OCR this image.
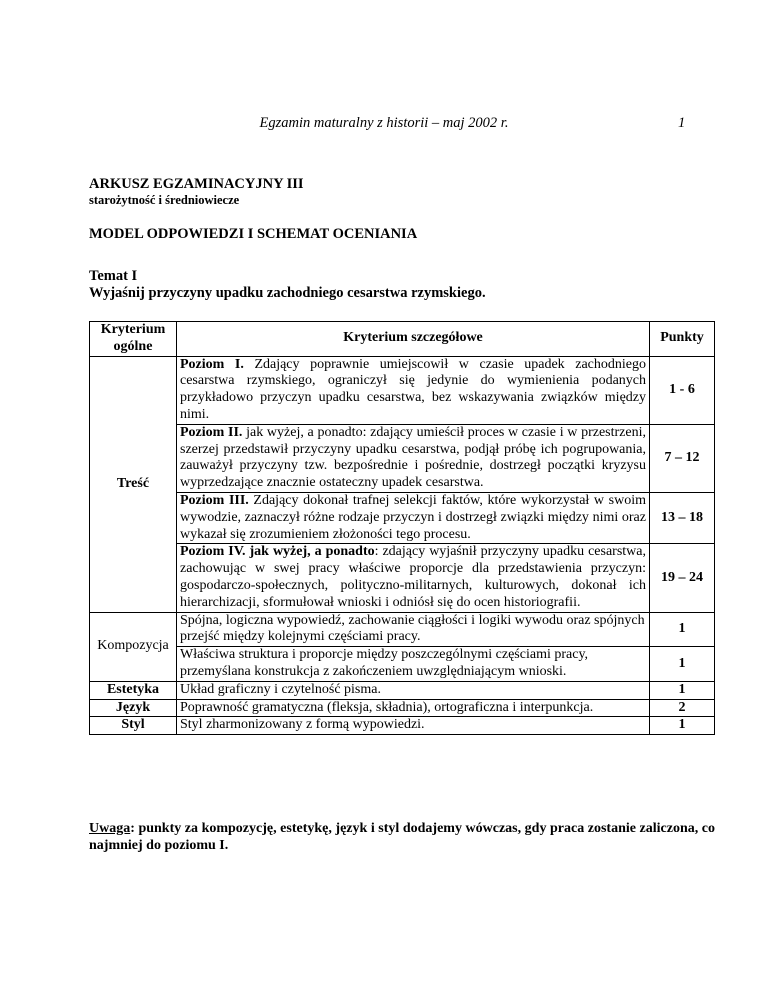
Egzamin maturalny z historii – maj 2002 r.	1
ARKUSZ EGZAMINACYJNY III
starożytność i średniowiecze
MODEL ODPOWIEDZI I SCHEMAT OCENIANIA
Temat I
Wyjaśnij przyczyny upadku zachodniego cesarstwa rzymskiego.
Kryterium ogólne	Kryterium szczegółowe	Punkty
Treść	Poziom I. Zdający poprawnie umiejscowił w czasie upadek zachodniego cesarstwa rzymskiego, ograniczył się jedynie do wymienienia podanych przykładowo przyczyn upadku cesarstwa, bez wskazywania związków między nimi.	1 - 6
	Poziom II. jak wyżej, a ponadto: zdający umieścił proces w czasie i w przestrzeni, szerzej przedstawił przyczyny upadku cesarstwa, podjął próbę ich pogrupowania, zauważył przyczyny tzw. bezpośrednie i pośrednie, dostrzegł początki kryzysu wyprzedzające znacznie ostateczny upadek cesarstwa.	7 – 12
	Poziom III. Zdający dokonał trafnej selekcji faktów, które wykorzystał w swoim wywodzie, zaznaczył różne rodzaje przyczyn i dostrzegł związki między nimi oraz wykazał się zrozumieniem złożoności tego procesu.	13 – 18
	Poziom IV. jak wyżej, a ponadto: zdający wyjaśnił przyczyny upadku cesarstwa, zachowując w swej pracy właściwe proporcje dla przedstawienia przyczyn: gospodarczo-społecznych, polityczno-militarnych, kulturowych, dokonał ich hierarchizacji, sformułował wnioski i odniósł się do ocen historiografii.	19 – 24
Kompozycja	Spójna, logiczna wypowiedź, zachowanie ciągłości i logiki wywodu oraz spójnych przejść między kolejnymi częściami pracy.	1
	Właściwa struktura i proporcje między poszczególnymi częściami pracy, przemyślana konstrukcja z zakończeniem uwzględniającym wnioski.	1
Estetyka	Układ graficzny i czytelność pisma.	1
Język	Poprawność gramatyczna (fleksja, składnia), ortograficzna i interpunkcja.	2
Styl	Styl zharmonizowany z formą wypowiedzi.	1
Uwaga: punkty za kompozycję, estetykę, język i styl dodajemy wówczas, gdy praca zostanie zaliczona, co najmniej do poziomu I.
